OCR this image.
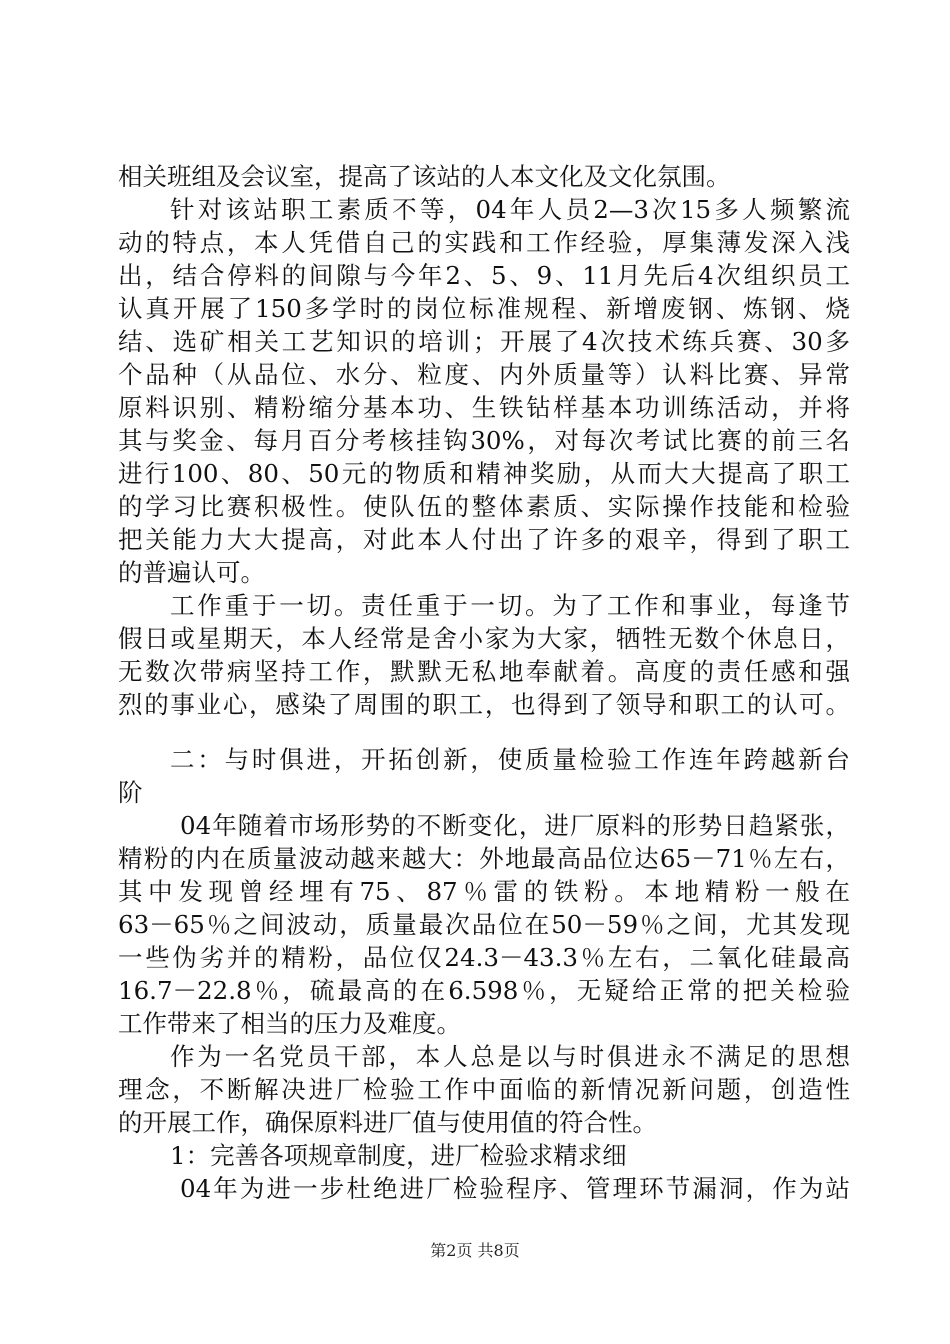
相关班组及会议室，提高了该站的人本文化及文化氛围。
针对该站职工素质不等，04年人员2—3次15多人频繁流
动的特点，本人凭借自己的实践和工作经验，厚集薄发深入浅
出，结合停料的间隙与今年2、5、9、11月先后4次组织员工
认真开展了150多学时的岗位标准规程、新增废钢、炼钢、烧
结、选矿相关工艺知识的培训；开展了4次技术练兵赛、30多
个品种（从品位、水分、粒度、内外质量等）认料比赛、异常
原料识别、精粉缩分基本功、生铁钻样基本功训练活动，并将
其与奖金、每月百分考核挂钩30%，对每次考试比赛的前三名
进行100、80、50元的物质和精神奖励，从而大大提高了职工
的学习比赛积极性。使队伍的整体素质、实际操作技能和检验
把关能力大大提高，对此本人付出了许多的艰辛，得到了职工
的普遍认可。
工作重于一切。责任重于一切。为了工作和事业，每逢节
假日或星期天，本人经常是舍小家为大家，牺牲无数个休息日，
无数次带病坚持工作，默默无私地奉献着。高度的责任感和强
烈的事业心，感染了周围的职工，也得到了领导和职工的认可。
二：与时俱进，开拓创新，使质量检验工作连年跨越新台
阶
04年随着市场形势的不断变化，进厂原料的形势日趋紧张，
精粉的内在质量波动越来越大：外地最高品位达65－71％左右，
其中发现曾经埋有75、87％雷的铁粉。本地精粉一般在
63－65％之间波动，质量最次品位在50－59％之间，尤其发现
一些伪劣并的精粉，品位仅24.3－43.3％左右，二氧化硅最高
16.7－22.8％，硫最高的在6.598％，无疑给正常的把关检验
工作带来了相当的压力及难度。
作为一名党员干部，本人总是以与时俱进永不满足的思想
理念，不断解决进厂检验工作中面临的新情况新问题，创造性
的开展工作，确保原料进厂值与使用值的符合性。
1：完善各项规章制度，进厂检验求精求细
04年为进一步杜绝进厂检验程序、管理环节漏洞，作为站
第2页 共8页
